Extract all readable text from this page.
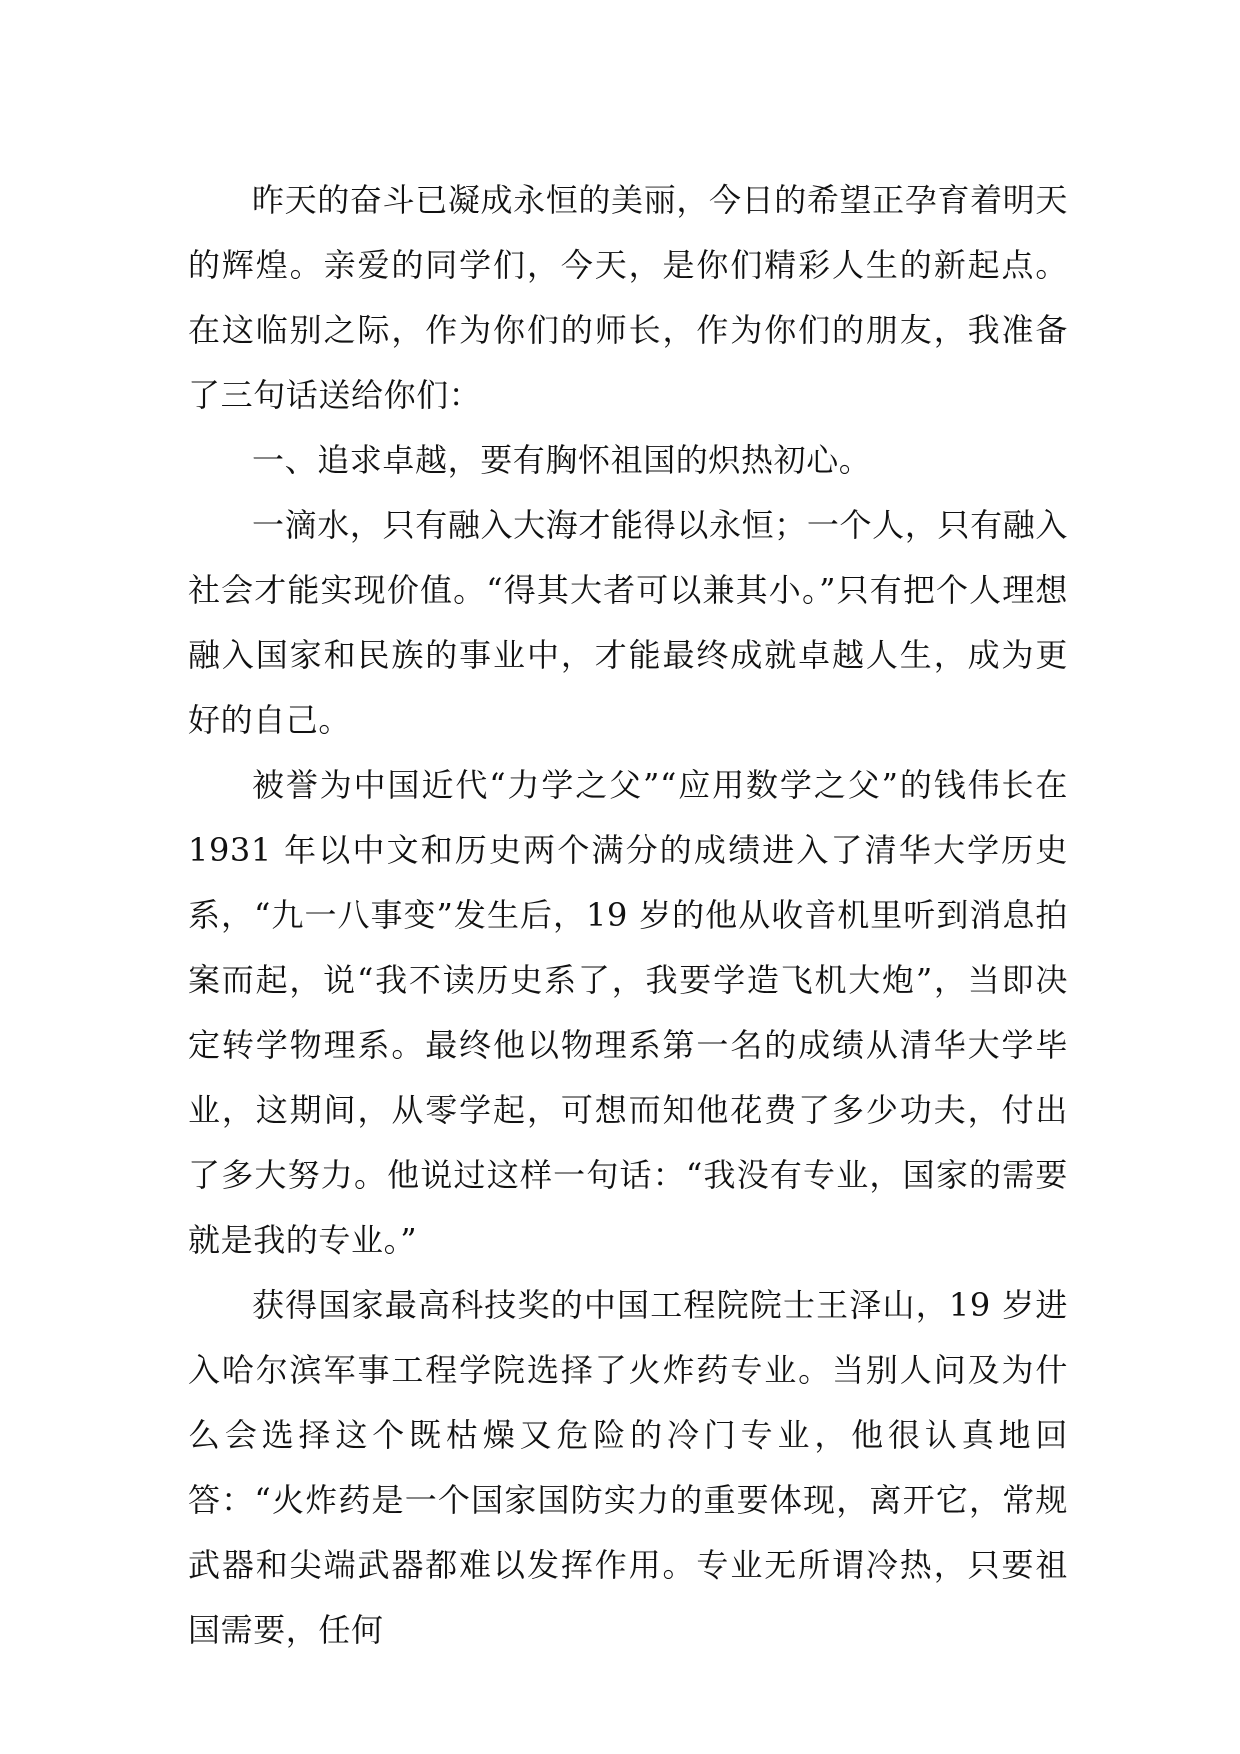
昨天的奋斗已凝成永恒的美丽，今日的希望正孕育着明天的辉煌。亲爱的同学们，今天，是你们精彩人生的新起点。在这临别之际，作为你们的师长，作为你们的朋友，我准备了三句话送给你们：

一、追求卓越，要有胸怀祖国的炽热初心。

一滴水，只有融入大海才能得以永恒；一个人，只有融入社会才能实现价值。“得其大者可以兼其小。”只有把个人理想融入国家和民族的事业中，才能最终成就卓越人生，成为更好的自己。

被誉为中国近代“力学之父”“应用数学之父”的钱伟长在 1931 年以中文和历史两个满分的成绩进入了清华大学历史系，“九一八事变”发生后，19 岁的他从收音机里听到消息拍案而起，说“我不读历史系了，我要学造飞机大炮”，当即决定转学物理系。最终他以物理系第一名的成绩从清华大学毕业，这期间，从零学起，可想而知他花费了多少功夫，付出了多大努力。他说过这样一句话：“我没有专业，国家的需要就是我的专业。”

获得国家最高科技奖的中国工程院院士王泽山，19 岁进入哈尔滨军事工程学院选择了火炸药专业。当别人问及为什么会选择这个既枯燥又危险的冷门专业，他很认真地回答：“火炸药是一个国家国防实力的重要体现，离开它，常规武器和尖端武器都难以发挥作用。专业无所谓冷热，只要祖国需要，任何
